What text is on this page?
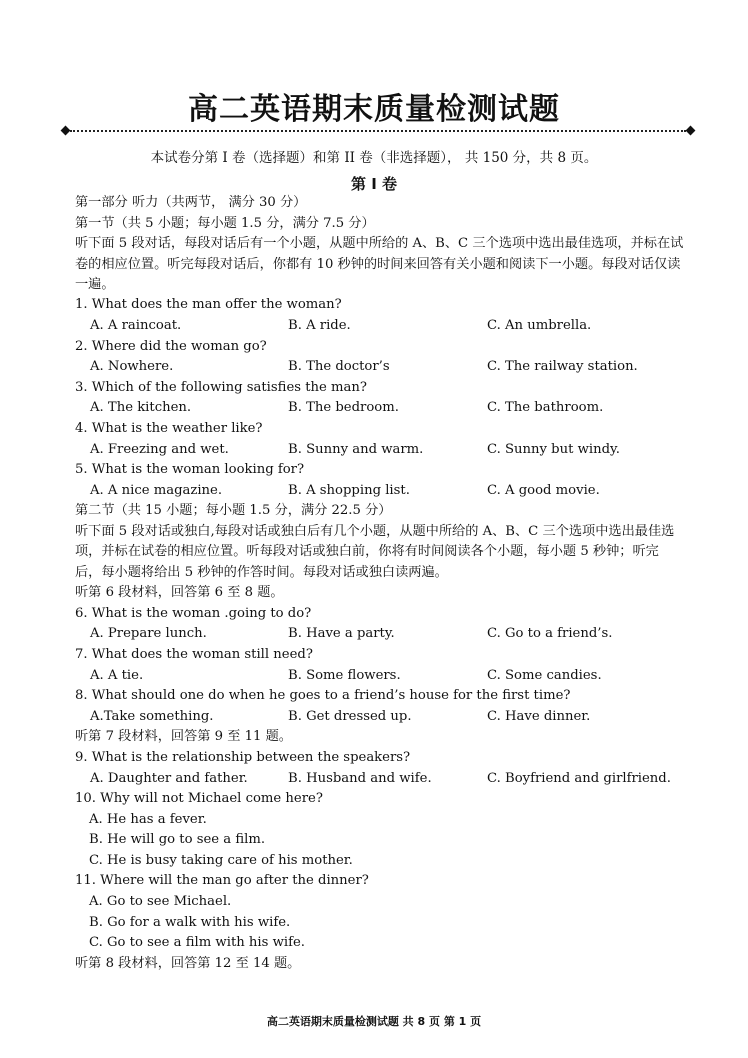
高二英语期末质量检测试题
本试卷分第 I 卷（选择题）和第 II 卷（非选择题）， 共 150 分，共 8 页。
第 Ⅰ 卷
第一部分 听力（共两节， 满分 30 分）
第一节（共 5 小题；每小题 1.5 分，满分 7.5 分）
听下面 5 段对话，每段对话后有一个小题，从题中所给的 A、B、C 三个选项中选出最佳选项，并标在试卷的相应位置。听完每段对话后，你都有 10 秒钟的时间来回答有关小题和阅读下一小题。每段对话仅读一遍。
1. What does the man offer the woman?
A. A raincoat.	B. A ride.	C. An umbrella.
2. Where did the woman go?
A. Nowhere.	B. The doctor’s	C. The railway station.
3. Which of the following satisfies the man?
A. The kitchen.	B. The bedroom.	C. The bathroom.
4. What is the weather like?
A. Freezing and wet.	B. Sunny and warm.	C. Sunny but windy.
5. What is the woman looking for?
A. A nice magazine.	B. A shopping list.	C. A good movie.
第二节（共 15 小题；每小题 1.5 分，满分 22.5 分）
听下面 5 段对话或独白,每段对话或独白后有几个小题，从题中所给的 A、B、C 三个选项中选出最佳选项，并标在试卷的相应位置。听每段对话或独白前，你将有时间阅读各个小题，每小题 5 秒钟；听完后，每小题将给出 5 秒钟的作答时间。每段对话或独白读两遍。
听第 6 段材料，回答第 6 至 8 题。
6. What is the woman .going to do?
A. Prepare lunch.	B. Have a party.	C. Go to a friend’s.
7. What does the woman still need?
A. A tie.	B. Some flowers.	C. Some candies.
8. What should one do when he goes to a friend’s house for the first time?
A.Take something.	B. Get dressed up.	C. Have dinner.
听第 7 段材料，回答第 9 至 11 题。
9. What is the relationship between the speakers?
A. Daughter and father.	B. Husband and wife.	C. Boyfriend and girlfriend.
10. Why will not Michael come here?
A. He has a fever.
B. He will go to see a film.
C. He is busy taking care of his mother.
11. Where will the man go after the dinner?
A. Go to see Michael.
B. Go for a walk with his wife.
C. Go to see a film with his wife.
听第 8 段材料，回答第 12 至 14 题。
高二英语期末质量检测试题 共 8 页 第 1 页
